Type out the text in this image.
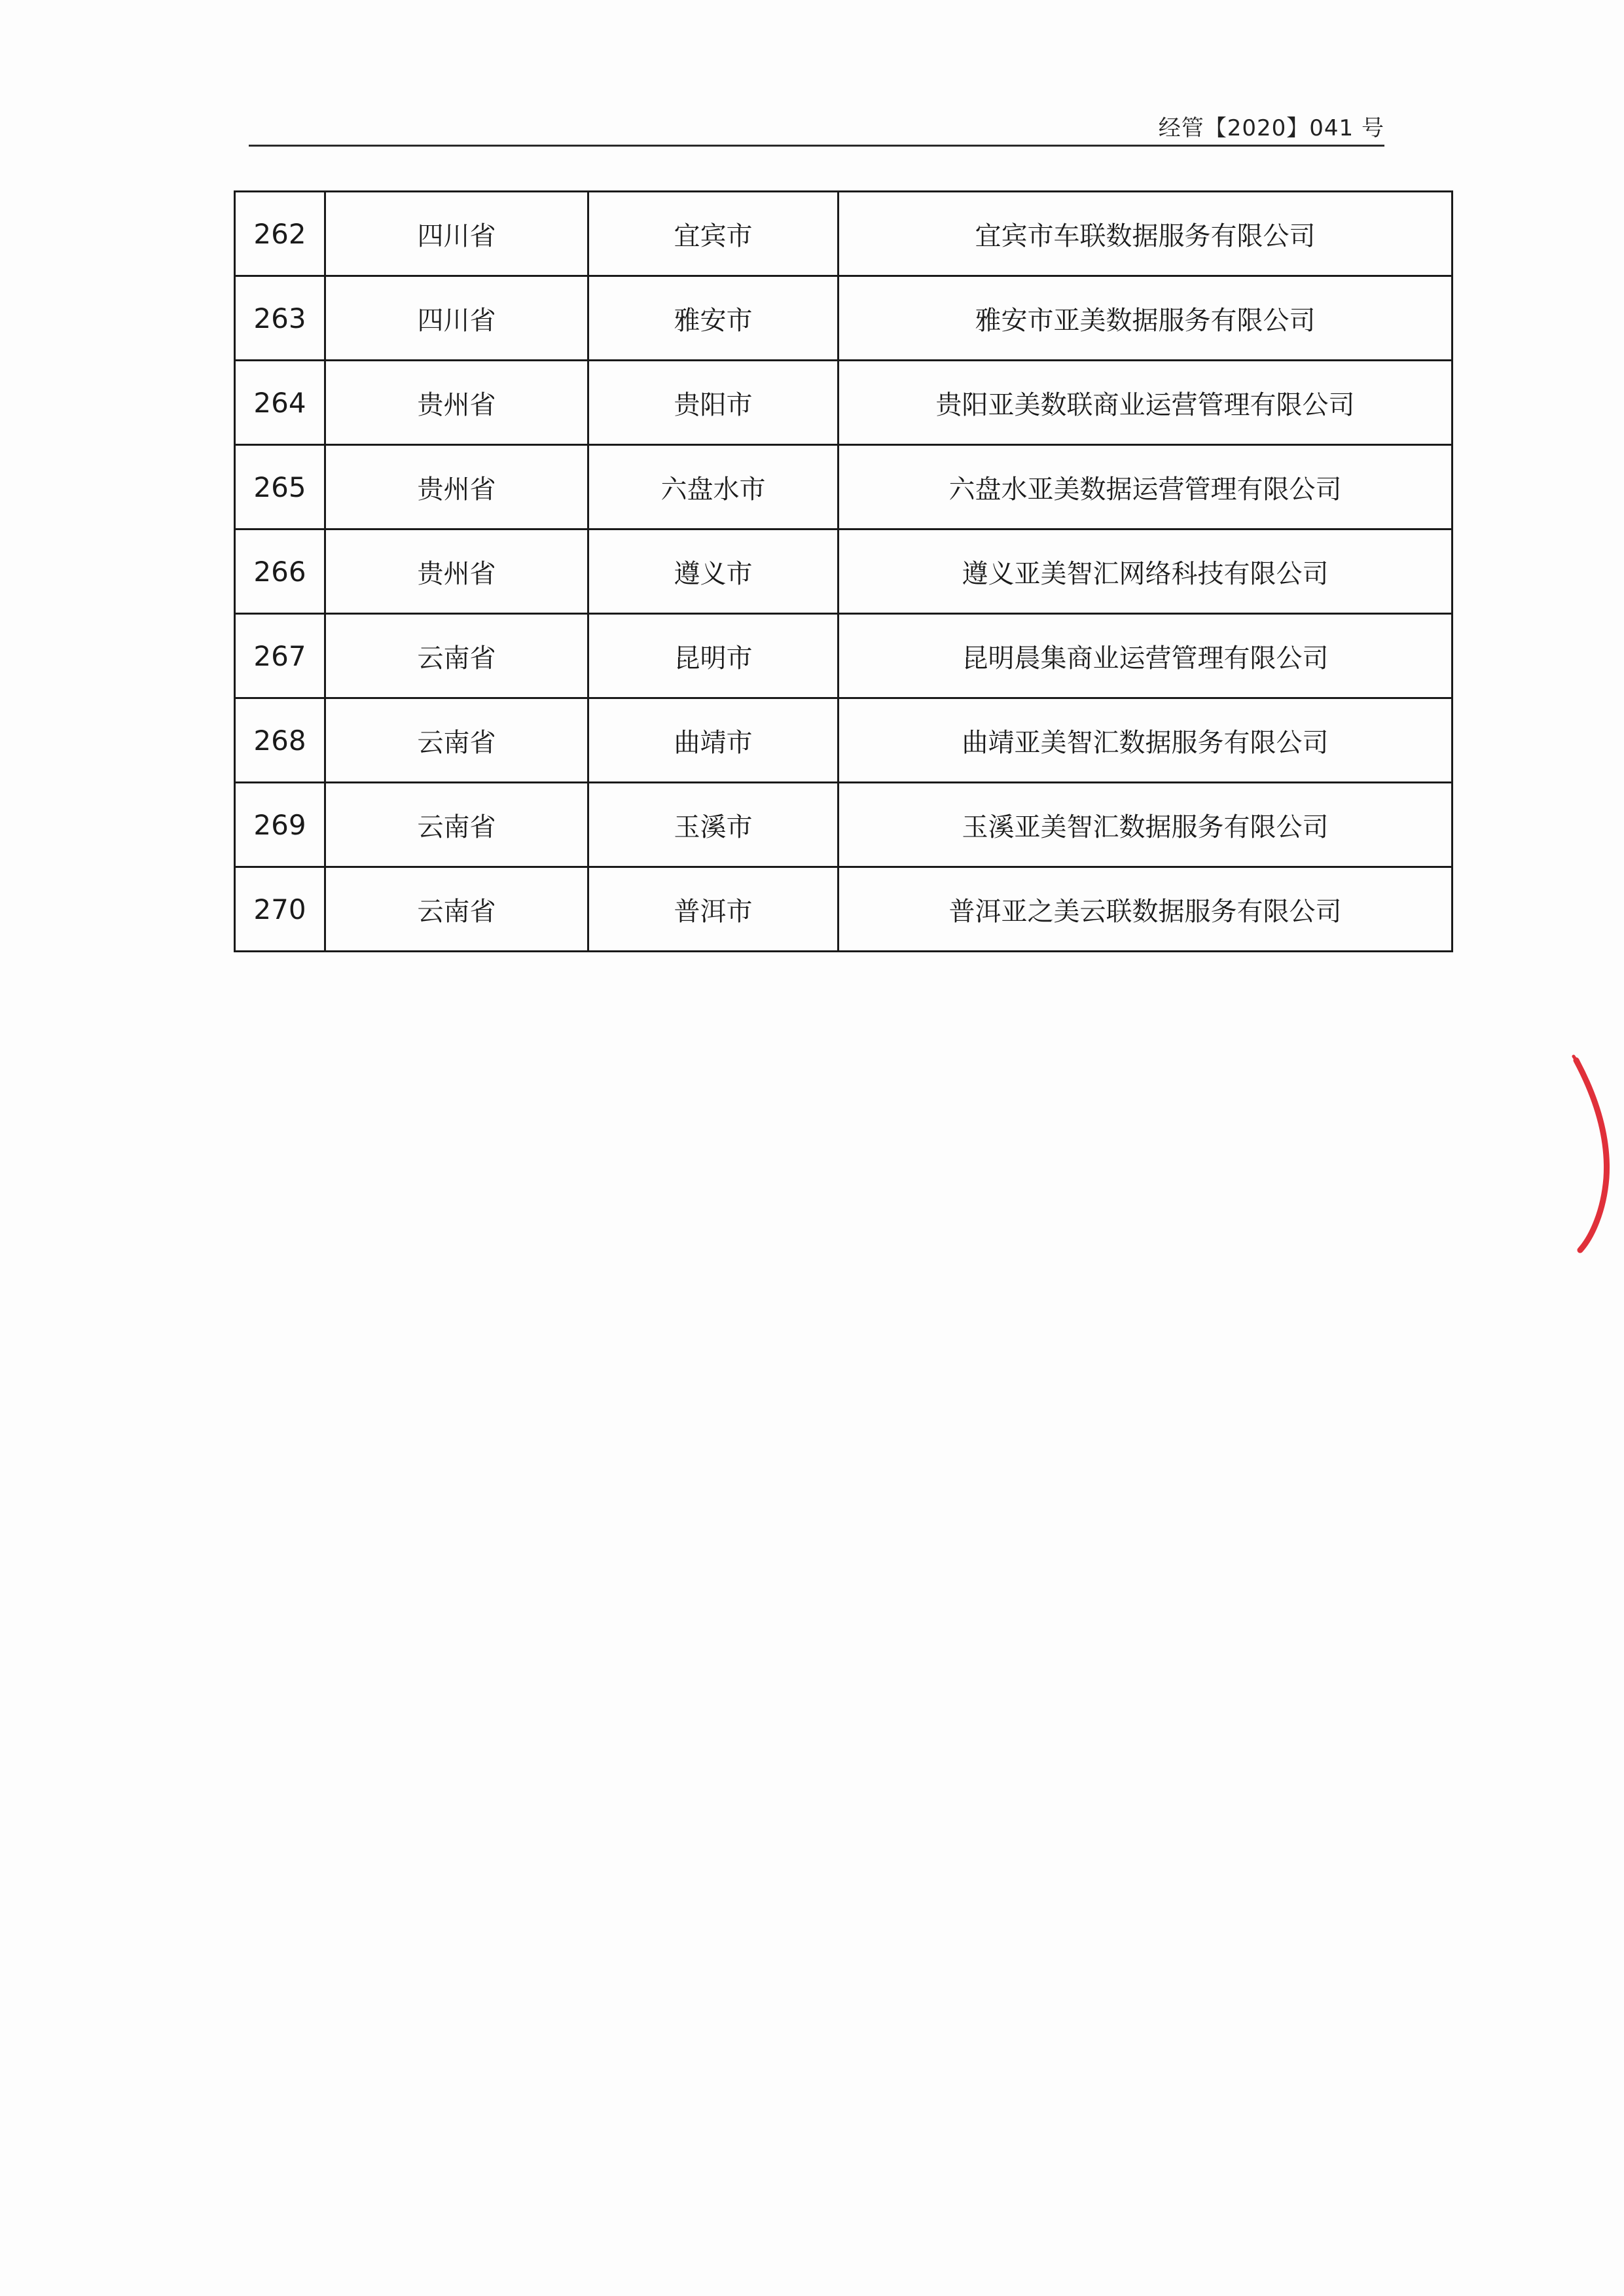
经管【2020】041 号
262	四川省	宜宾市	宜宾市车联数据服务有限公司
263	四川省	雅安市	雅安市亚美数据服务有限公司
264	贵州省	贵阳市	贵阳亚美数联商业运营管理有限公司
265	贵州省	六盘水市	六盘水亚美数据运营管理有限公司
266	贵州省	遵义市	遵义亚美智汇网络科技有限公司
267	云南省	昆明市	昆明晨集商业运营管理有限公司
268	云南省	曲靖市	曲靖亚美智汇数据服务有限公司
269	云南省	玉溪市	玉溪亚美智汇数据服务有限公司
270	云南省	普洱市	普洱亚之美云联数据服务有限公司
